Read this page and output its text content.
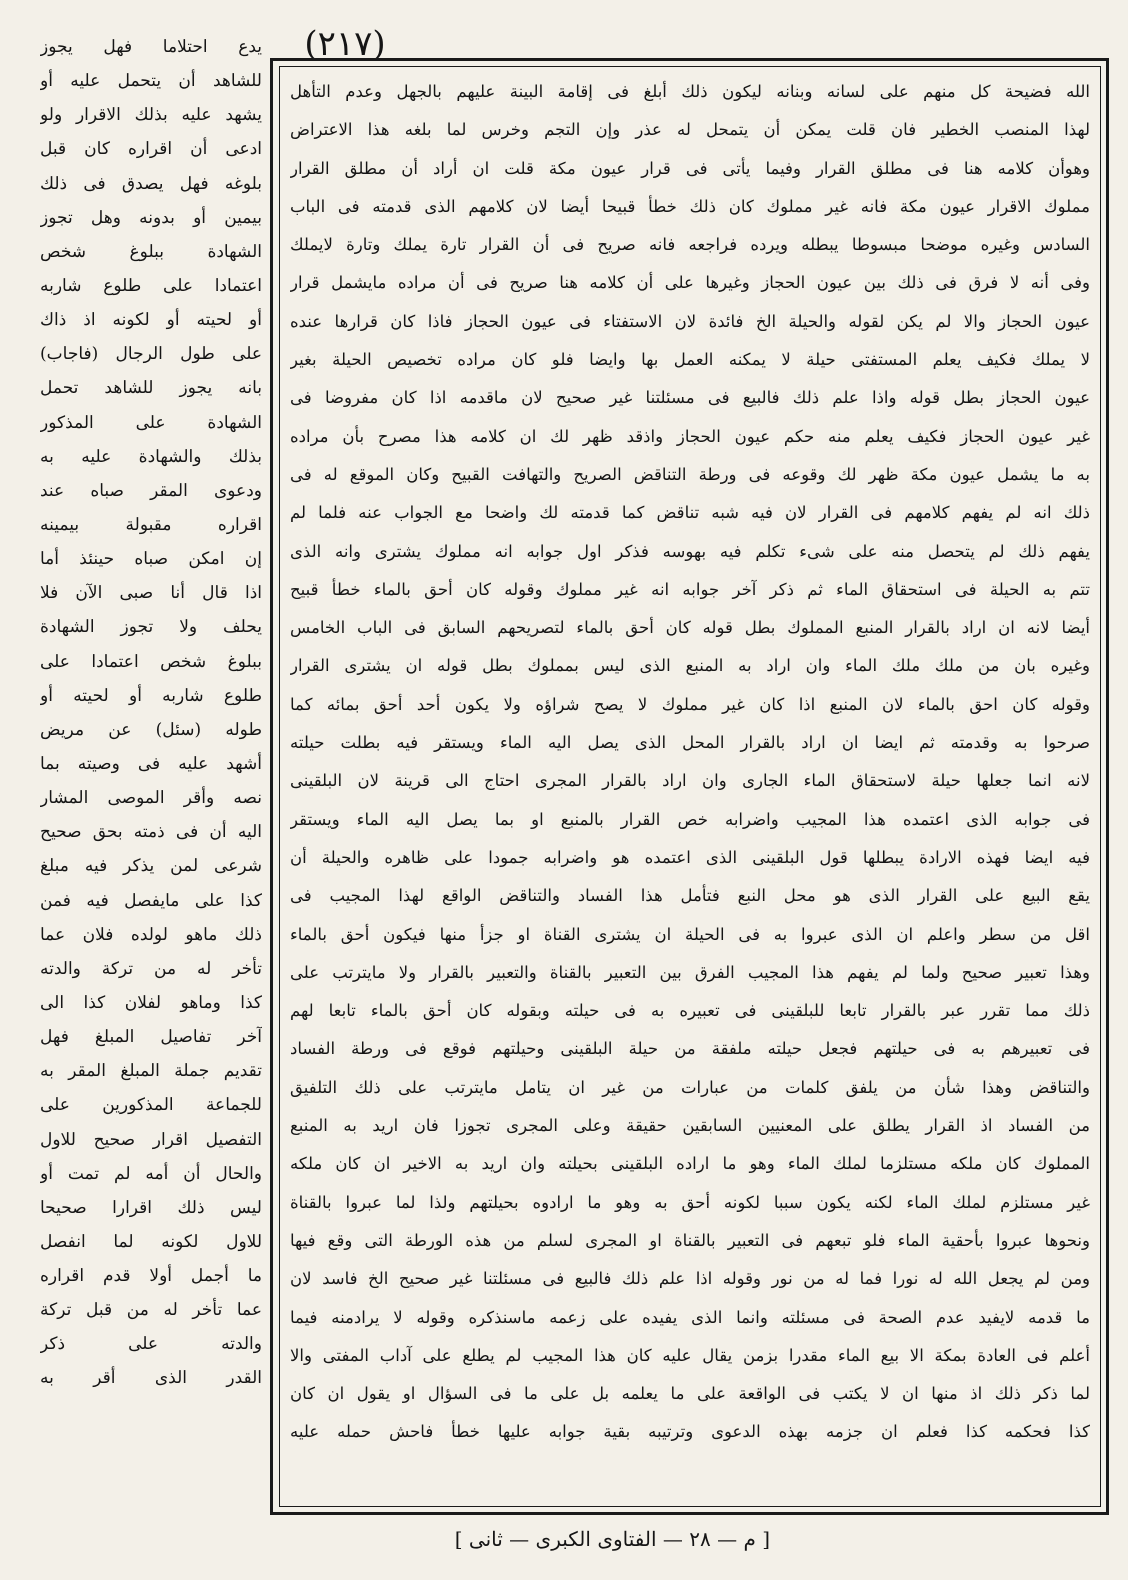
(٢١٧)
يدع احتلاما فهل يجوز
للشاهد أن يتحمل عليه أو
يشهد عليه بذلك الاقرار ولو
ادعى أن اقراره كان قبل
بلوغه فهل يصدق فى ذلك
بيمين أو بدونه وهل تجوز
الشهادة ببلوغ شخص
اعتمادا على طلوع شاربه
أو لحيته أو لكونه اذ ذاك
على طول الرجال (فاجاب)
بانه يجوز للشاهد تحمل
الشهادة على المذكور
بذلك والشهادة عليه به
ودعوى المقر صباه عند
اقراره مقبولة بيمينه
إن امكن صباه حينئذ أما
اذا قال أنا صبى الآن فلا
يحلف ولا تجوز الشهادة
ببلوغ شخص اعتمادا على
طلوع شاربه أو لحيته أو
طوله (سئل) عن مريض
أشهد عليه فى وصيته بما
نصه وأقر الموصى المشار
اليه أن فى ذمته بحق صحيح
شرعى لمن يذكر فيه مبلغ
كذا على مايفصل فيه فمن
ذلك ماهو لولده فلان عما
تأخر له من تركة والدته
كذا وماهو لفلان كذا الى
آخر تفاصيل المبلغ فهل
تقديم جملة المبلغ المقر به
للجماعة المذكورين على
التفصيل اقرار صحيح للاول
والحال أن أمه لم تمت أو
ليس ذلك اقرارا صحيحا
للاول لكونه لما انفصل
ما أجمل أولا قدم اقراره
عما تأخر له من قبل تركة
والدته على ذكر
القدر الذى أقر به
الله فضيحة كل منهم على لسانه وبنانه ليكون ذلك أبلغ فى إقامة البينة عليهم بالجهل وعدم التأهل
لهذا المنصب الخطير فان قلت يمكن أن يتمحل له عذر وإن التجم وخرس لما بلغه هذا الاعتراض
وهوأن كلامه هنا فى مطلق القرار وفيما يأتى فى قرار عيون مكة قلت ان أراد أن مطلق القرار
مملوك الاقرار عيون مكة فانه غير مملوك كان ذلك خطأ قبيحا أيضا لان كلامهم الذى قدمته فى الباب
السادس وغيره موضحا مبسوطا يبطله ويرده فراجعه فانه صريح فى أن القرار تارة يملك وتارة لايملك
وفى أنه لا فرق فى ذلك بين عيون الحجاز وغيرها على أن كلامه هنا صريح فى أن مراده مايشمل قرار
عيون الحجاز والا لم يكن لقوله والحيلة الخ فائدة لان الاستفتاء فى عيون الحجاز فاذا كان قرارها عنده
لا يملك فكيف يعلم المستفتى حيلة لا يمكنه العمل بها وايضا فلو كان مراده تخصيص الحيلة بغير
عيون الحجاز بطل قوله واذا علم ذلك فالبيع فى مسئلتنا غير صحيح لان ماقدمه اذا كان مفروضا فى
غير عيون الحجاز فكيف يعلم منه حكم عيون الحجاز واذقد ظهر لك ان كلامه هذا مصرح بأن مراده
به ما يشمل عيون مكة ظهر لك وقوعه فى ورطة التناقض الصريح والتهافت القبيح وكان الموقع له فى
ذلك انه لم يفهم كلامهم فى القرار لان فيه شبه تناقض كما قدمته لك واضحا مع الجواب عنه فلما لم
يفهم ذلك لم يتحصل منه على شىء تكلم فيه بهوسه فذكر اول جوابه انه مملوك يشترى وانه الذى
تتم به الحيلة فى استحقاق الماء ثم ذكر آخر جوابه انه غير مملوك وقوله كان أحق بالماء خطأ قبيح
أيضا لانه ان اراد بالقرار المنبع المملوك بطل قوله كان أحق بالماء لتصريحهم السابق فى الباب الخامس
وغيره بان من ملك ملك الماء وان اراد به المنبع الذى ليس بمملوك بطل قوله ان يشترى القرار
وقوله كان احق بالماء لان المنبع اذا كان غير مملوك لا يصح شراؤه ولا يكون أحد أحق بمائه كما
صرحوا به وقدمته ثم ايضا ان اراد بالقرار المحل الذى يصل اليه الماء ويستقر فيه بطلت حيلته
لانه انما جعلها حيلة لاستحقاق الماء الجارى وان اراد بالقرار المجرى احتاج الى قرينة لان البلقينى
فى جوابه الذى اعتمده هذا المجيب واضرابه خص القرار بالمنبع او بما يصل اليه الماء ويستقر
فيه ايضا فهذه الارادة يبطلها قول البلقينى الذى اعتمده هو واضرابه جمودا على ظاهره والحيلة أن
يقع البيع على القرار الذى هو محل النبع فتأمل هذا الفساد والتناقض الواقع لهذا المجيب فى
اقل من سطر واعلم ان الذى عبروا به فى الحيلة ان يشترى القناة او جزأ منها فيكون أحق بالماء
وهذا تعبير صحيح ولما لم يفهم هذا المجيب الفرق بين التعبير بالقناة والتعبير بالقرار ولا مايترتب على
ذلك مما تقرر عبر بالقرار تابعا للبلقينى فى تعبيره به فى حيلته وبقوله كان أحق بالماء تابعا لهم
فى تعبيرهم به فى حيلتهم فجعل حيلته ملفقة من حيلة البلقينى وحيلتهم فوقع فى ورطة الفساد
والتناقض وهذا شأن من يلفق كلمات من عبارات من غير ان يتامل مايترتب على ذلك التلفيق
من الفساد اذ القرار يطلق على المعنيين السابقين حقيقة وعلى المجرى تجوزا فان اريد به المنبع
المملوك كان ملكه مستلزما لملك الماء وهو ما اراده البلقينى بحيلته وان اريد به الاخير ان كان ملكه
غير مستلزم لملك الماء لكنه يكون سببا لكونه أحق به وهو ما ارادوه بحيلتهم ولذا لما عبروا بالقناة
ونحوها عبروا بأحقية الماء فلو تبعهم فى التعبير بالقناة او المجرى لسلم من هذه الورطة التى وقع فيها
ومن لم يجعل الله له نورا فما له من نور وقوله اذا علم ذلك فالبيع فى مسئلتنا غير صحيح الخ فاسد لان
ما قدمه لايفيد عدم الصحة فى مسئلته وانما الذى يفيده على زعمه ماسنذكره وقوله لا يرادمنه فيما
أعلم فى العادة بمكة الا بيع الماء مقدرا بزمن يقال عليه كان هذا المجيب لم يطلع على آداب المفتى والا
لما ذكر ذلك اذ منها ان لا يكتب فى الواقعة على ما يعلمه بل على ما فى السؤال او يقول ان كان
كذا فحكمه كذا فعلم ان جزمه بهذه الدعوى وترتيبه بقية جوابه عليها خطأ فاحش حمله عليه
[ م — ٢٨ — الفتاوى الكبرى — ثانى ]
